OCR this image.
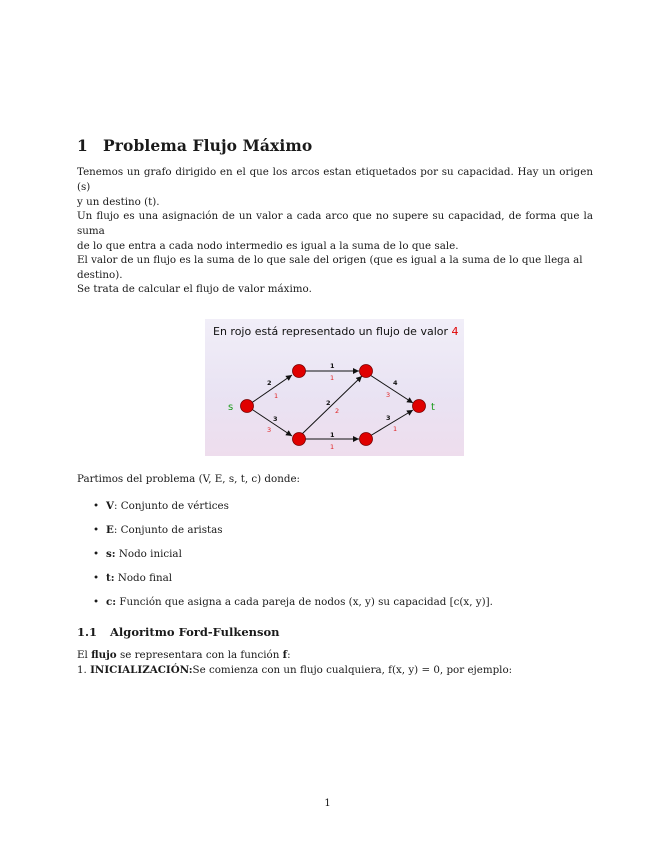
1 Problema Flujo Máximo

Tenemos un grafo dirigido en el que los arcos estan etiquetados por su capacidad. Hay un origen (s)
y un destino (t).

Un flujo es una asignación de un valor a cada arco que no supere su capacidad, de forma que la suma
de lo que entra a cada nodo intermedio es igual a la suma de lo que sale.

El valor de un flujo es la suma de lo que sale del origen (que es igual a la suma de lo que llega al destino).

Se trata de calcular el flujo de valor máximo.

En rojo está representado un flujo de valor 4
2
1
3
3
1
1
2
2
1
1
4
3
3
1
s	t

Partimos del problema (V, E, s, t, c) donde:

• V: Conjunto de vértices
• E: Conjunto de aristas
• s: Nodo inicial
• t: Nodo final
• c: Función que asigna a cada pareja de nodos (x, y) su capacidad [c(x, y)].
1.1 Algoritmo Ford-Fulkenson

El flujo se representara con la función f:
1. INICIALIZACIÓN:Se comienza con un flujo cualquiera, f(x, y) = 0, por ejemplo:

1
